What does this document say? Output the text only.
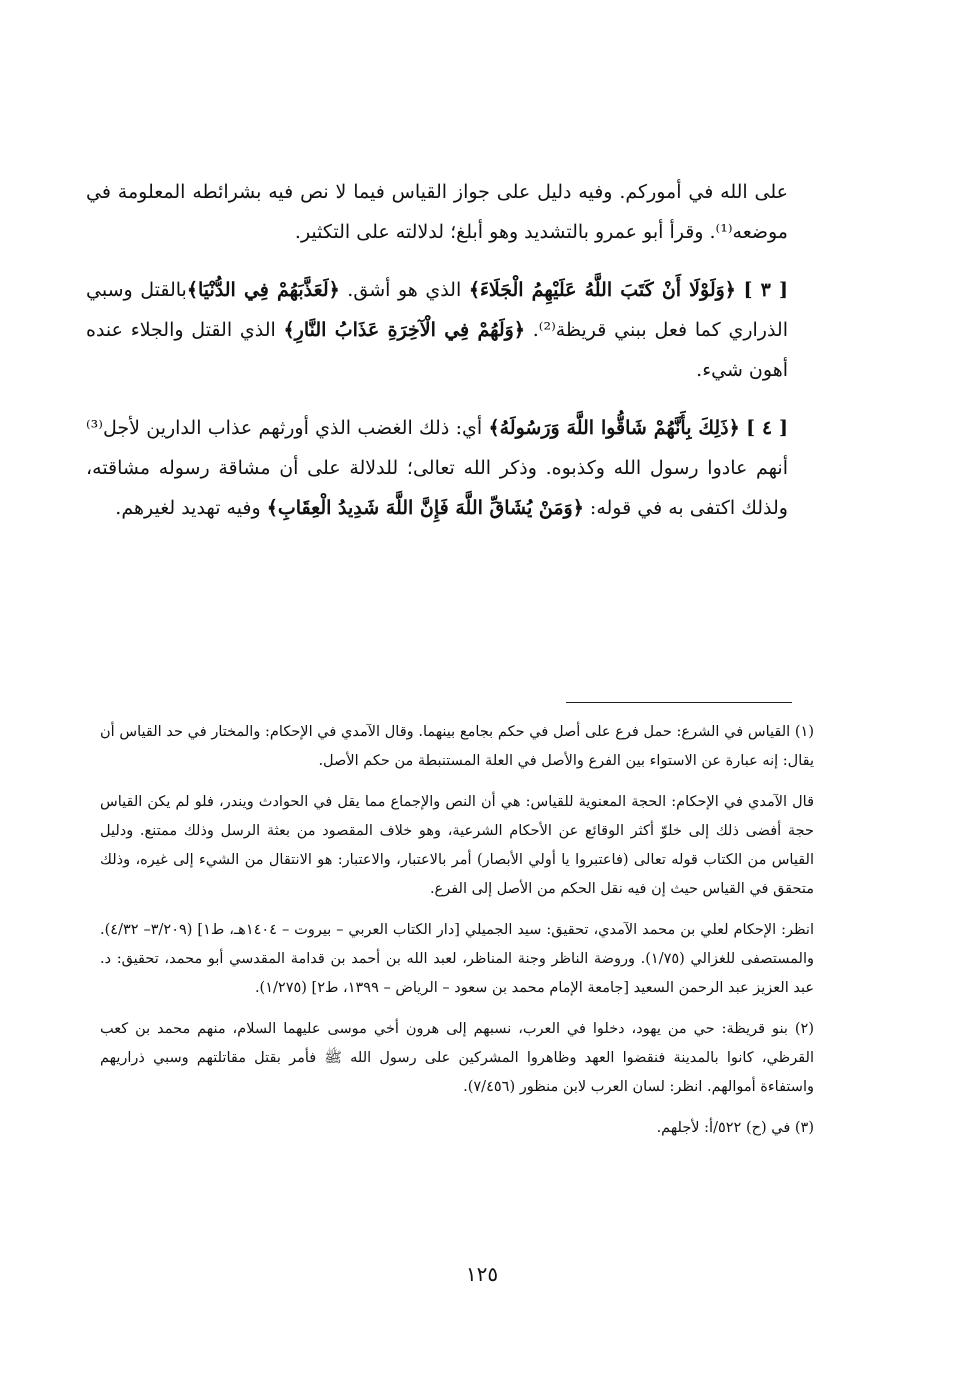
على الله في أموركم. وفيه دليل على جواز القياس فيما لا نص فيه بشرائطه المعلومة في موضعه⁽¹⁾. وقرأ أبو عمرو بالتشديد وهو أبلغ؛ لدلالته على التكثير.

[ ٣ ] ﴿وَلَوْلَا أَنْ كَتَبَ اللَّهُ عَلَيْهِمُ الْجَلَاءَ﴾ الذي هو أشق. ﴿لَعَذَّبَهُمْ فِي الدُّنْيَا﴾بالقتل وسبي الذراري كما فعل ببني قريظة⁽²⁾. ﴿وَلَهُمْ فِي الْآخِرَةِ عَذَابُ النَّارِ﴾ الذي القتل والجلاء عنده أهون شيء.

[ ٤ ] ﴿ذَلِكَ بِأَنَّهُمْ شَاقُّوا اللَّهَ وَرَسُولَهُ﴾ أي: ذلك الغضب الذي أورثهم عذاب الدارين لأجل⁽³⁾ أنهم عادوا رسول الله وكذبوه. وذكر الله تعالى؛ للدلالة على أن مشاقة رسوله مشاقته، ولذلك اكتفى به في قوله: ﴿وَمَنْ يُشَاقِّ اللَّهَ فَإِنَّ اللَّهَ شَدِيدُ الْعِقَابِ﴾ وفيه تهديد لغيرهم.

(١) القياس في الشرع: حمل فرع على أصل في حكم بجامع بينهما. وقال الآمدي في الإحكام: والمختار في حد القياس أن يقال: إنه عبارة عن الاستواء بين الفرع والأصل في العلة المستنبطة من حكم الأصل.

قال الآمدي في الإحكام: الحجة المعنوية للقياس: هي أن النص والإجماع مما يقل في الحوادث ويندر، فلو لم يكن القياس حجة أفضى ذلك إلى خلوّ أكثر الوقائع عن الأحكام الشرعية، وهو خلاف المقصود من بعثة الرسل وذلك ممتنع. ودليل القياس من الكتاب قوله تعالى (فاعتبروا يا أولي الأبصار) أمر بالاعتبار، والاعتبار: هو الانتقال من الشيء إلى غيره، وذلك متحقق في القياس حيث إن فيه نقل الحكم من الأصل إلى الفرع.

انظر: الإحكام لعلي بن محمد الآمدي، تحقيق: سيد الجميلي [دار الكتاب العربي – بيروت – ١٤٠٤هـ، ط١] (٣/٢٠٩– ٤/٣٢). والمستصفى للغزالي (١/٧٥). وروضة الناظر وجنة المناظر، لعبد الله بن أحمد بن قدامة المقدسي أبو محمد، تحقيق: د. عبد العزيز عبد الرحمن السعيد [جامعة الإمام محمد بن سعود – الرياض – ١٣٩٩، ط٢] (١/٢٧٥).

(٢) بنو قريظة: حي من يهود، دخلوا في العرب، نسبهم إلى هرون أخي موسى عليهما السلام، منهم محمد بن كعب القرظي، كانوا بالمدينة فنقضوا العهد وظاهروا المشركين على رسول الله ﷺ فأمر بقتل مقاتلتهم وسبي ذراريهم واستفاءة أموالهم. انظر: لسان العرب لابن منظور (٧/٤٥٦).

(٣) في (ح) ٥٢٢/أ: لأجلهم.

١٢٥
